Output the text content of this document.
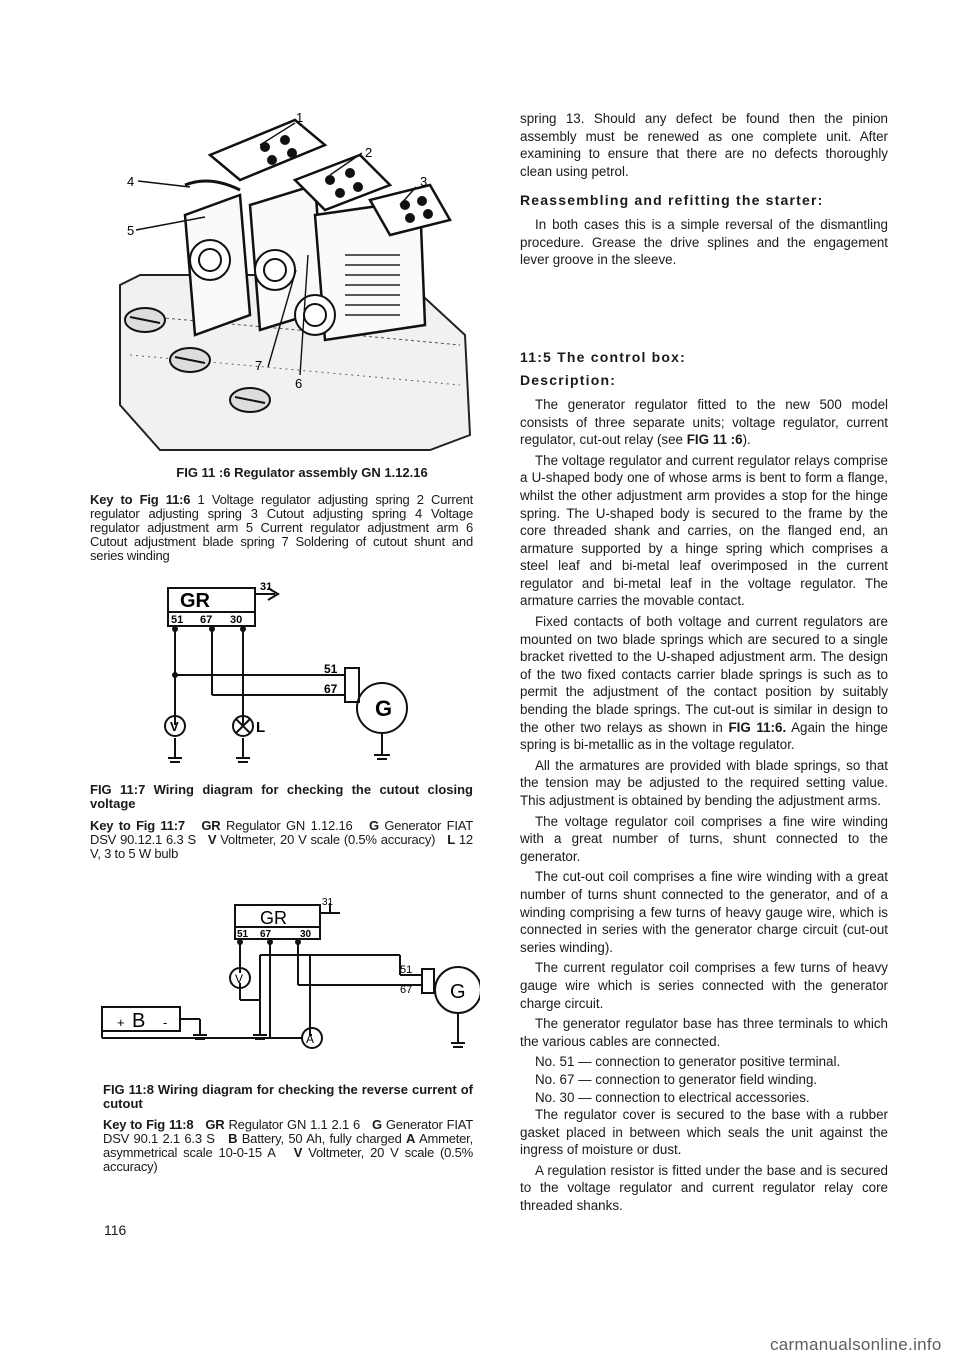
1
2
3
4
5
6
7
FIG 11 :6 Regulator assembly GN 1.12.16
Key to Fig 11:6 1 Voltage regulator adjusting spring 2 Current regulator adjusting spring 3 Cutout adjusting spring 4 Voltage regulator adjustment arm 5 Current regulator adjustment arm 6 Cutout adjustment blade spring 7 Soldering of cutout shunt and series winding
GR
31
51 67 30
51
67
V	L
G
FIG 11:7 Wiring diagram for checking the cutout closing voltage
Key to Fig 11:7 GR Regulator GN 1.12.16 G Generator FIAT DSV 90.12.1 6.3 S V Voltmeter, 20 V scale (0.5% accuracy) L 12 V, 3 to 5 W bulb
GR
31
51 67	30
51
67
V
A
G
B
+	-
FIG 11:8 Wiring diagram for checking the reverse current of cutout
Key to Fig 11:8 GR Regulator GN 1.1 2.1 6 G Generator FIAT DSV 90.1 2.1 6.3 S B Battery, 50 Ah, fully charged A Ammeter, asymmetrical scale 10-0-15 A V Voltmeter, 20 V scale (0.5% accuracy)

spring 13. Should any defect be found then the pinion assembly must be renewed as one complete unit. After examining to ensure that there are no defects thoroughly clean using petrol.

Reassembling and refitting the starter:

In both cases this is a simple reversal of the dismantling procedure. Grease the drive splines and the engagement lever groove in the sleeve.

11:5 The control box:
Description:

The generator regulator fitted to the new 500 model consists of three separate units; voltage regulator, current regulator, cut-out relay (see FIG 11 :6).

The voltage regulator and current regulator relays comprise a U-shaped body one of whose arms is bent to form a flange, whilst the other adjustment arm provides a stop for the hinge spring. The U-shaped body is secured to the frame by the core threaded shank and carries, on the flanged end, an armature supported by a hinge spring which comprises a steel leaf and bi-metal leaf overimposed in the current regulator and bi-metal leaf in the voltage regulator. The armature carries the movable contact.

Fixed contacts of both voltage and current regulators are mounted on two blade springs which are secured to a single bracket rivetted to the U-shaped adjustment arm. The design of the two fixed contacts carrier blade springs is such as to permit the adjustment of the contact position by suitably bending the blade springs. The cut-out is similar in design to the other two relays as shown in FIG 11:6. Again the hinge spring is bi-metallic as in the voltage regulator.

All the armatures are provided with blade springs, so that the tension may be adjusted to the required setting value. This adjustment is obtained by bending the adjustment arms.

The voltage regulator coil comprises a fine wire winding with a great number of turns, shunt connected to the generator.

The cut-out coil comprises a fine wire winding with a great number of turns shunt connected to the generator, and of a winding comprising a few turns of heavy gauge wire, which is connected in series with the generator charge circuit (cut-out series winding).

The current regulator coil comprises a few turns of heavy gauge wire which is series connected with the generator charge circuit.

The generator regulator base has three terminals to which the various cables are connected.

No. 51 — connection to generator positive terminal.

No. 67 — connection to generator field winding.

No. 30 — connection to electrical accessories.

The regulator cover is secured to the base with a rubber gasket placed in between which seals the unit against the ingress of moisture or dust.

A regulation resistor is fitted under the base and is secured to the voltage regulator and current regulator relay core threaded shanks.

116
carmanualsonline.info
